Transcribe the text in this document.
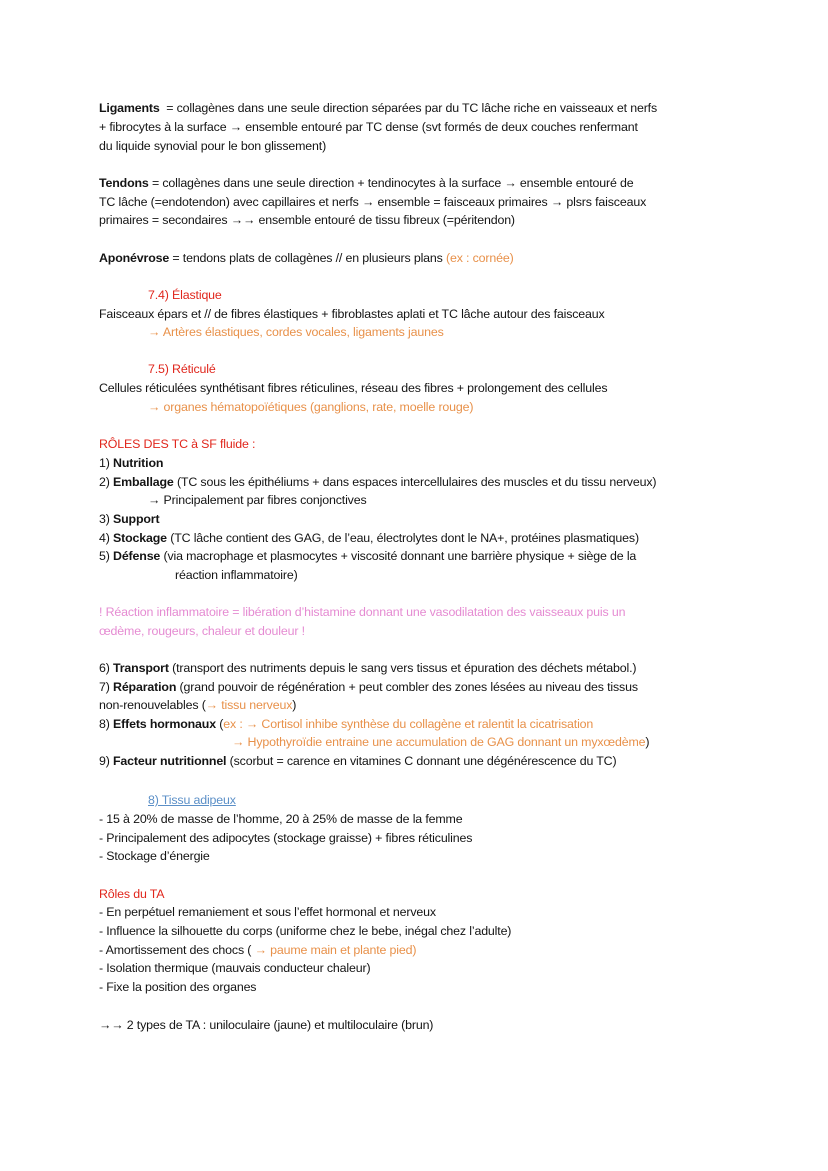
Ligaments  = collagènes dans une seule direction séparées par du TC lâche riche en vaisseaux et nerfs
+ fibrocytes à la surface → ensemble entouré par TC dense (svt formés de deux couches renfermant
du liquide synovial pour le bon glissement)
Tendons = collagènes dans une seule direction + tendinocytes à la surface → ensemble entouré de
TC lâche (=endotendon) avec capillaires et nerfs → ensemble = faisceaux primaires → plsrs faisceaux
primaires = secondaires →→ ensemble entouré de tissu fibreux (=péritendon)
Aponévrose = tendons plats de collagènes // en plusieurs plans (ex : cornée)
7.4) Élastique
Faisceaux épars et // de fibres élastiques + fibroblastes aplati et TC lâche autour des faisceaux
→ Artères élastiques, cordes vocales, ligaments jaunes
7.5) Réticulé
Cellules réticulées synthétisant fibres réticulines, réseau des fibres + prolongement des cellules
→ organes hématopoïétiques (ganglions, rate, moelle rouge)
RÔLES DES TC à SF fluide :
1) Nutrition
2) Emballage (TC sous les épithéliums + dans espaces intercellulaires des muscles et du tissu nerveux)
→ Principalement par fibres conjonctives
3) Support
4) Stockage (TC lâche contient des GAG, de l’eau, électrolytes dont le NA+, protéines plasmatiques)
5) Défense (via macrophage et plasmocytes + viscosité donnant une barrière physique + siège de la
réaction inflammatoire)
! Réaction inflammatoire = libération d’histamine donnant une vasodilatation des vaisseaux puis un
œdème, rougeurs, chaleur et douleur !
6) Transport (transport des nutriments depuis le sang vers tissus et épuration des déchets métabol.)
7) Réparation (grand pouvoir de régénération + peut combler des zones lésées au niveau des tissus
non-renouvelables (→ tissu nerveux)
8) Effets hormonaux (ex : → Cortisol inhibe synthèse du collagène et ralentit la cicatrisation
→ Hypothyroïdie entraine une accumulation de GAG donnant un myxœdème)
9) Facteur nutritionnel (scorbut = carence en vitamines C donnant une dégénérescence du TC)
8) Tissu adipeux
- 15 à 20% de masse de l’homme, 20 à 25% de masse de la femme
- Principalement des adipocytes (stockage graisse) + fibres réticulines
- Stockage d’énergie
Rôles du TA
- En perpétuel remaniement et sous l’effet hormonal et nerveux
- Influence la silhouette du corps (uniforme chez le bebe, inégal chez l’adulte)
- Amortissement des chocs ( → paume main et plante pied)
- Isolation thermique (mauvais conducteur chaleur)
- Fixe la position des organes
→→ 2 types de TA : uniloculaire (jaune) et multiloculaire (brun)
